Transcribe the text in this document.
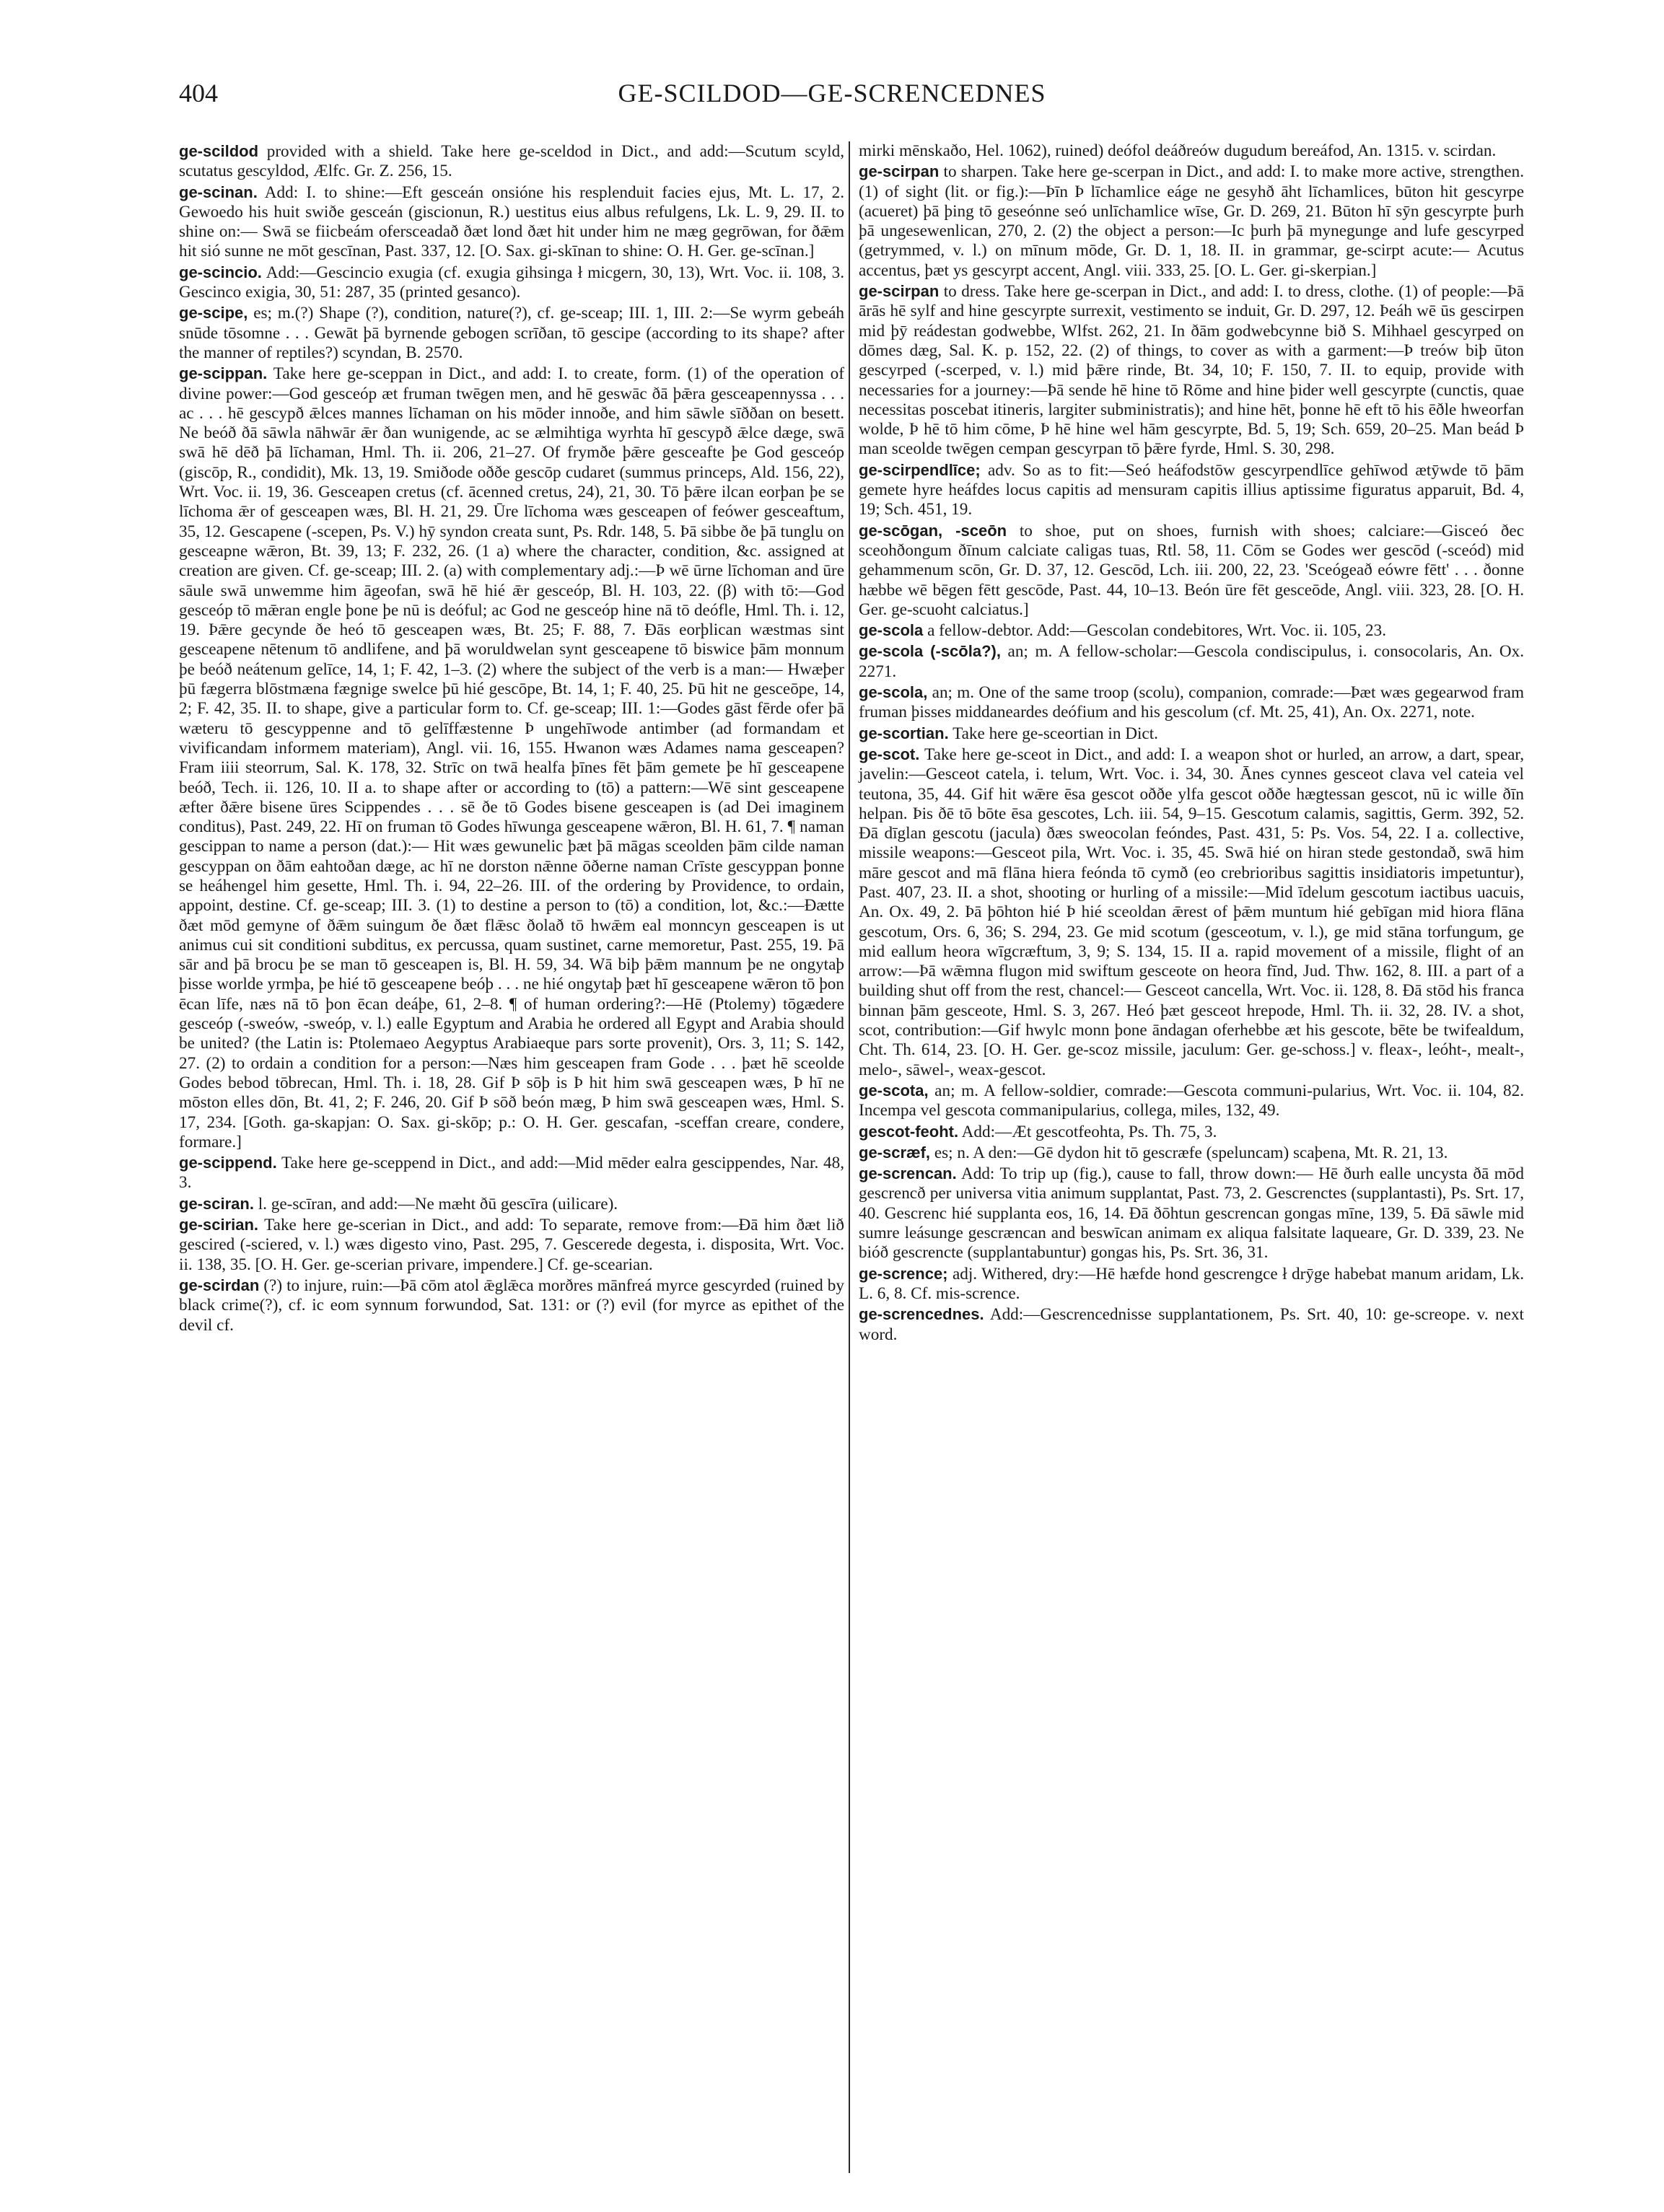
404	GE-SCILDOD—GE-SCRENCEDNES

ge-scildod provided with a shield. Take here ge-sceldod in Dict., and add:—Scutum scyld, scutatus gescyldod, Ælfc. Gr. Z. 256, 15.

ge-scinan. Add: I. to shine:—Eft gesceán onsióne his resplenduit facies ejus, Mt. L. 17, 2. Gewoedo his huit swiðe gesceán (giscionun, R.) uestitus eius albus refulgens, Lk. L. 9, 29. II. to shine on:— Swā se fiicbeám ofersceadað ðæt lond ðæt hit under him ne mæg gegrōwan, for ðǣm hit sió sunne ne mōt gescīnan, Past. 337, 12. [O. Sax. gi-skīnan to shine: O. H. Ger. ge-scīnan.]

ge-scincio. Add:—Gescincio exugia (cf. exugia gihsinga ł micgern, 30, 13), Wrt. Voc. ii. 108, 3. Gescinco exigia, 30, 51: 287, 35 (printed gesanco).

ge-scipe, es; m.(?) Shape (?), condition, nature(?), cf. ge-sceap; III. 1, III. 2:—Se wyrm gebeáh snūde tōsomne . . . Gewāt þā byrnende gebogen scrīðan, tō gescipe (according to its shape? after the manner of reptiles?) scyndan, B. 2570.

ge-scippan. Take here ge-sceppan in Dict., and add: I. to create, form. (1) of the operation of divine power:—God gesceóp æt fruman twēgen men, and hē geswāc ðā þǣra gesceapennyssa . . . ac . . . hē gescypð ǣlces mannes līchaman on his mōder innoðe, and him sāwle sīððan on besett. Ne beóð ðā sāwla nāhwār ǣr ðan wunigende, ac se ælmihtiga wyrhta hī gescypð ǣlce dæge, swā swā hē dēð þā līchaman, Hml. Th. ii. 206, 21–27. Of frymðe þǣre gesceafte þe God gesceóp (giscōp, R., condidit), Mk. 13, 19. Smiðode oððe gescōp cudaret (summus princeps, Ald. 156, 22), Wrt. Voc. ii. 19, 36. Gesceapen cretus (cf. ācenned cretus, 24), 21, 30. Tō þǣre ilcan eorþan þe se līchoma ǣr of gesceapen wæs, Bl. H. 21, 29. Ūre līchoma wæs gesceapen of feówer gesceaftum, 35, 12. Gescapene (-scepen, Ps. V.) hȳ syndon creata sunt, Ps. Rdr. 148, 5. Þā sibbe ðe þā tunglu on gesceapne wǣron, Bt. 39, 13; F. 232, 26. (1 a) where the character, condition, &c. assigned at creation are given. Cf. ge-sceap; III. 2. (a) with complementary adj.:—Þ wē ūrne līchoman and ūre sāule swā unwemme him āgeofan, swā hē hié ǣr gesceóp, Bl. H. 103, 22. (β) with tō:—God gesceóp tō mǣran engle þone þe nū is deóful; ac God ne gesceóp hine nā tō deófle, Hml. Th. i. 12, 19. Þǣre gecynde ðe heó tō gesceapen wæs, Bt. 25; F. 88, 7. Ðās eorþlican wæstmas sint gesceapene nētenum tō andlifene, and þā woruldwelan synt gesceapene tō biswice þām monnum þe beóð neátenum gelīce, 14, 1; F. 42, 1–3. (2) where the subject of the verb is a man:— Hwæþer þū fægerra blōstmæna fægnige swelce þū hié gescōpe, Bt. 14, 1; F. 40, 25. Þū hit ne gesceōpe, 14, 2; F. 42, 35. II. to shape, give a particular form to. Cf. ge-sceap; III. 1:—Godes gāst fērde ofer þā wæteru tō gescyppenne and tō gelīffæstenne Þ ungehīwode antimber (ad formandam et vivificandam informem materiam), Angl. vii. 16, 155. Hwanon wæs Adames nama gesceapen? Fram iiii steorrum, Sal. K. 178, 32. Strīc on twā healfa þīnes fēt þām gemete þe hī gesceapene beóð, Tech. ii. 126, 10. II a. to shape after or according to (tō) a pattern:—Wē sint gesceapene æfter ðǣre bisene ūres Scippendes . . . sē ðe tō Godes bisene gesceapen is (ad Dei imaginem conditus), Past. 249, 22. Hī on fruman tō Godes hīwunga gesceapene wǣron, Bl. H. 61, 7. ¶ naman gescippan to name a person (dat.):— Hit wæs gewunelic þæt þā māgas sceolden þām cilde naman gescyppan on ðām eahtoðan dæge, ac hī ne dorston nǣnne ōðerne naman Crīste gescyppan þonne se heáhengel him gesette, Hml. Th. i. 94, 22–26. III. of the ordering by Providence, to ordain, appoint, destine. Cf. ge-sceap; III. 3. (1) to destine a person to (tō) a condition, lot, &c.:—Ðætte ðæt mōd gemyne of ðǣm suingum ðe ðæt flǣsc ðolað tō hwǣm eal monncyn gesceapen is ut animus cui sit conditioni subditus, ex percussa, quam sustinet, carne memoretur, Past. 255, 19. Þā sār and þā brocu þe se man tō gesceapen is, Bl. H. 59, 34. Wā biþ þǣm mannum þe ne ongytaþ þisse worlde yrmþa, þe hié tō gesceapene beóþ . . . ne hié ongytaþ þæt hī gesceapene wǣron tō þon ēcan līfe, næs nā tō þon ēcan deáþe, 61, 2–8. ¶ of human ordering?:—Hē (Ptolemy) tōgædere gesceóp (-sweów, -sweóp, v. l.) ealle Egyptum and Arabia he ordered all Egypt and Arabia should be united? (the Latin is: Ptolemaeo Aegyptus Arabiaeque pars sorte provenit), Ors. 3, 11; S. 142, 27. (2) to ordain a condition for a person:—Næs him gesceapen fram Gode . . . þæt hē sceolde Godes bebod tōbrecan, Hml. Th. i. 18, 28. Gif Þ sōþ is Þ hit him swā gesceapen wæs, Þ hī ne mōston elles dōn, Bt. 41, 2; F. 246, 20. Gif Þ sōð beón mæg, Þ him swā gesceapen wæs, Hml. S. 17, 234. [Goth. ga-skapjan: O. Sax. gi-skōp; p.: O. H. Ger. gescafan, -sceffan creare, condere, formare.]

ge-scippend. Take here ge-sceppend in Dict., and add:—Mid mēder ealra gescippendes, Nar. 48, 3.

ge-sciran. l. ge-scīran, and add:—Ne mæht ðū gescīra (uilicare).

ge-scirian. Take here ge-scerian in Dict., and add: To separate, remove from:—Ðā him ðæt lið gescired (-sciered, v. l.) wæs digesto vino, Past. 295, 7. Gescerede degesta, i. disposita, Wrt. Voc. ii. 138, 35. [O. H. Ger. ge-scerian privare, impendere.] Cf. ge-scearian.

ge-scirdan (?) to injure, ruin:—Þā cōm atol ǣglǣca morðres mānfreá myrce gescyrded (ruined by black crime(?), cf. ic eom synnum forwundod, Sat. 131: or (?) evil (for myrce as epithet of the devil cf.

mirki mēnskaðo, Hel. 1062), ruined) deófol deáðreów dugudum bereáfod, An. 1315. v. scirdan.

ge-scirpan to sharpen. Take here ge-scerpan in Dict., and add: I. to make more active, strengthen. (1) of sight (lit. or fig.):—Þīn Þ līchamlice eáge ne gesyhð āht līchamlices, būton hit gescyrpe (acueret) þā þing tō geseónne seó unlīchamlice wīse, Gr. D. 269, 21. Būton hī sȳn gescyrpte þurh þā ungesewenlican, 270, 2. (2) the object a person:—Ic þurh þā mynegunge and lufe gescyrped (getrymmed, v. l.) on mīnum mōde, Gr. D. 1, 18. II. in grammar, ge-scirpt acute:— Acutus accentus, þæt ys gescyrpt accent, Angl. viii. 333, 25. [O. L. Ger. gi-skerpian.]

ge-scirpan to dress. Take here ge-scerpan in Dict., and add: I. to dress, clothe. (1) of people:—Þā ārās hē sylf and hine gescyrpte surrexit, vestimento se induit, Gr. D. 297, 12. Þeáh wē ūs gescirpen mid þȳ reádestan godwebbe, Wlfst. 262, 21. In ðām godwebcynne bið S. Mihhael gescyrped on dōmes dæg, Sal. K. p. 152, 22. (2) of things, to cover as with a garment:—Þ treów biþ ūton gescyrped (-scerped, v. l.) mid þǣre rinde, Bt. 34, 10; F. 150, 7. II. to equip, provide with necessaries for a journey:—Þā sende hē hine tō Rōme and hine þider well gescyrpte (cunctis, quae necessitas poscebat itineris, largiter subministratis); and hine hēt, þonne hē eft tō his ēðle hweorfan wolde, Þ hē tō him cōme, Þ hē hine wel hām gescyrpte, Bd. 5, 19; Sch. 659, 20–25. Man beád Þ man sceolde twēgen cempan gescyrpan tō þǣre fyrde, Hml. S. 30, 298.

ge-scirpendlīce; adv. So as to fit:—Seó heáfodstōw gescyrpendlīce gehīwod ætȳwde tō þām gemete hyre heáfdes locus capitis ad mensuram capitis illius aptissime figuratus apparuit, Bd. 4, 19; Sch. 451, 19.

ge-scōgan, -sceōn to shoe, put on shoes, furnish with shoes; calciare:—Gisceó ðec sceohðongum ðīnum calciate caligas tuas, Rtl. 58, 11. Cōm se Godes wer gescōd (-sceód) mid gehammenum scōn, Gr. D. 37, 12. Gescōd, Lch. iii. 200, 22, 23. 'Sceógeað eówre fētt' . . . ðonne hæbbe wē bēgen fētt gescōde, Past. 44, 10–13. Beón ūre fēt gesceōde, Angl. viii. 323, 28. [O. H. Ger. ge-scuoht calciatus.]

ge-scola a fellow-debtor. Add:—Gescolan condebitores, Wrt. Voc. ii. 105, 23.

ge-scola (-scōla?), an; m. A fellow-scholar:—Gescola condiscipulus, i. consocolaris, An. Ox. 2271.

ge-scola, an; m. One of the same troop (scolu), companion, comrade:—Þæt wæs gegearwod fram fruman þisses middaneardes deófium and his gescolum (cf. Mt. 25, 41), An. Ox. 2271, note.

ge-scortian. Take here ge-sceortian in Dict.

ge-scot. Take here ge-sceot in Dict., and add: I. a weapon shot or hurled, an arrow, a dart, spear, javelin:—Gesceot catela, i. telum, Wrt. Voc. i. 34, 30. Ānes cynnes gesceot clava vel cateia vel teutona, 35, 44. Gif hit wǣre ēsa gescot oððe ylfa gescot oððe hægtessan gescot, nū ic wille ðīn helpan. Þis ðē tō bōte ēsa gescotes, Lch. iii. 54, 9–15. Gescotum calamis, sagittis, Germ. 392, 52. Ðā dīglan gescotu (jacula) ðæs sweocolan feóndes, Past. 431, 5: Ps. Vos. 54, 22. I a. collective, missile weapons:—Gesceot pila, Wrt. Voc. i. 35, 45. Swā hié on hiran stede gestondað, swā him māre gescot and mā flāna hiera feónda tō cymð (eo crebrioribus sagittis insidiatoris impetuntur), Past. 407, 23. II. a shot, shooting or hurling of a missile:—Mid īdelum gescotum iactibus uacuis, An. Ox. 49, 2. Þā þōhton hié Þ hié sceoldan ǣrest of þǣm muntum hié gebīgan mid hiora flāna gescotum, Ors. 6, 36; S. 294, 23. Ge mid scotum (gesceotum, v. l.), ge mid stāna torfungum, ge mid eallum heora wīgcræftum, 3, 9; S. 134, 15. II a. rapid movement of a missile, flight of an arrow:—Þā wǣmna flugon mid swiftum gesceote on heora fīnd, Jud. Thw. 162, 8. III. a part of a building shut off from the rest, chancel:— Gesceot cancella, Wrt. Voc. ii. 128, 8. Ðā stōd his franca binnan þām gesceote, Hml. S. 3, 267. Heó þæt gesceot hrepode, Hml. Th. ii. 32, 28. IV. a shot, scot, contribution:—Gif hwylc monn þone āndagan oferhebbe æt his gescote, bēte be twifealdum, Cht. Th. 614, 23. [O. H. Ger. ge-scoz missile, jaculum: Ger. ge-schoss.] v. fleax-, leóht-, mealt-, melo-, sāwel-, weax-gescot.

ge-scota, an; m. A fellow-soldier, comrade:—Gescota communi-pularius, Wrt. Voc. ii. 104, 82. Incempa vel gescota commanipularius, collega, miles, 132, 49.

gescot-feoht. Add:—Æt gescotfeohta, Ps. Th. 75, 3.

ge-scræf, es; n. A den:—Gē dydon hit tō gescræfe (speluncam) scaþena, Mt. R. 21, 13.

ge-screncan. Add: To trip up (fig.), cause to fall, throw down:— Hē ðurh ealle uncysta ðā mōd gescrencð per universa vitia animum supplantat, Past. 73, 2. Gescrenctes (supplantasti), Ps. Srt. 17, 40. Gescrenc hié supplanta eos, 16, 14. Ðā ðōhtun gescrencan gongas mīne, 139, 5. Ðā sāwle mid sumre leásunge gescræncan and beswīcan animam ex aliqua falsitate laqueare, Gr. D. 339, 23. Ne bióð gescrencte (supplantabuntur) gongas his, Ps. Srt. 36, 31.

ge-scrence; adj. Withered, dry:—Hē hæfde hond gescrengce ł drȳge habebat manum aridam, Lk. L. 6, 8. Cf. mis-scrence.

ge-screncednes. Add:—Gescrencednisse supplantationem, Ps. Srt. 40, 10: ge-screope. v. next word.
